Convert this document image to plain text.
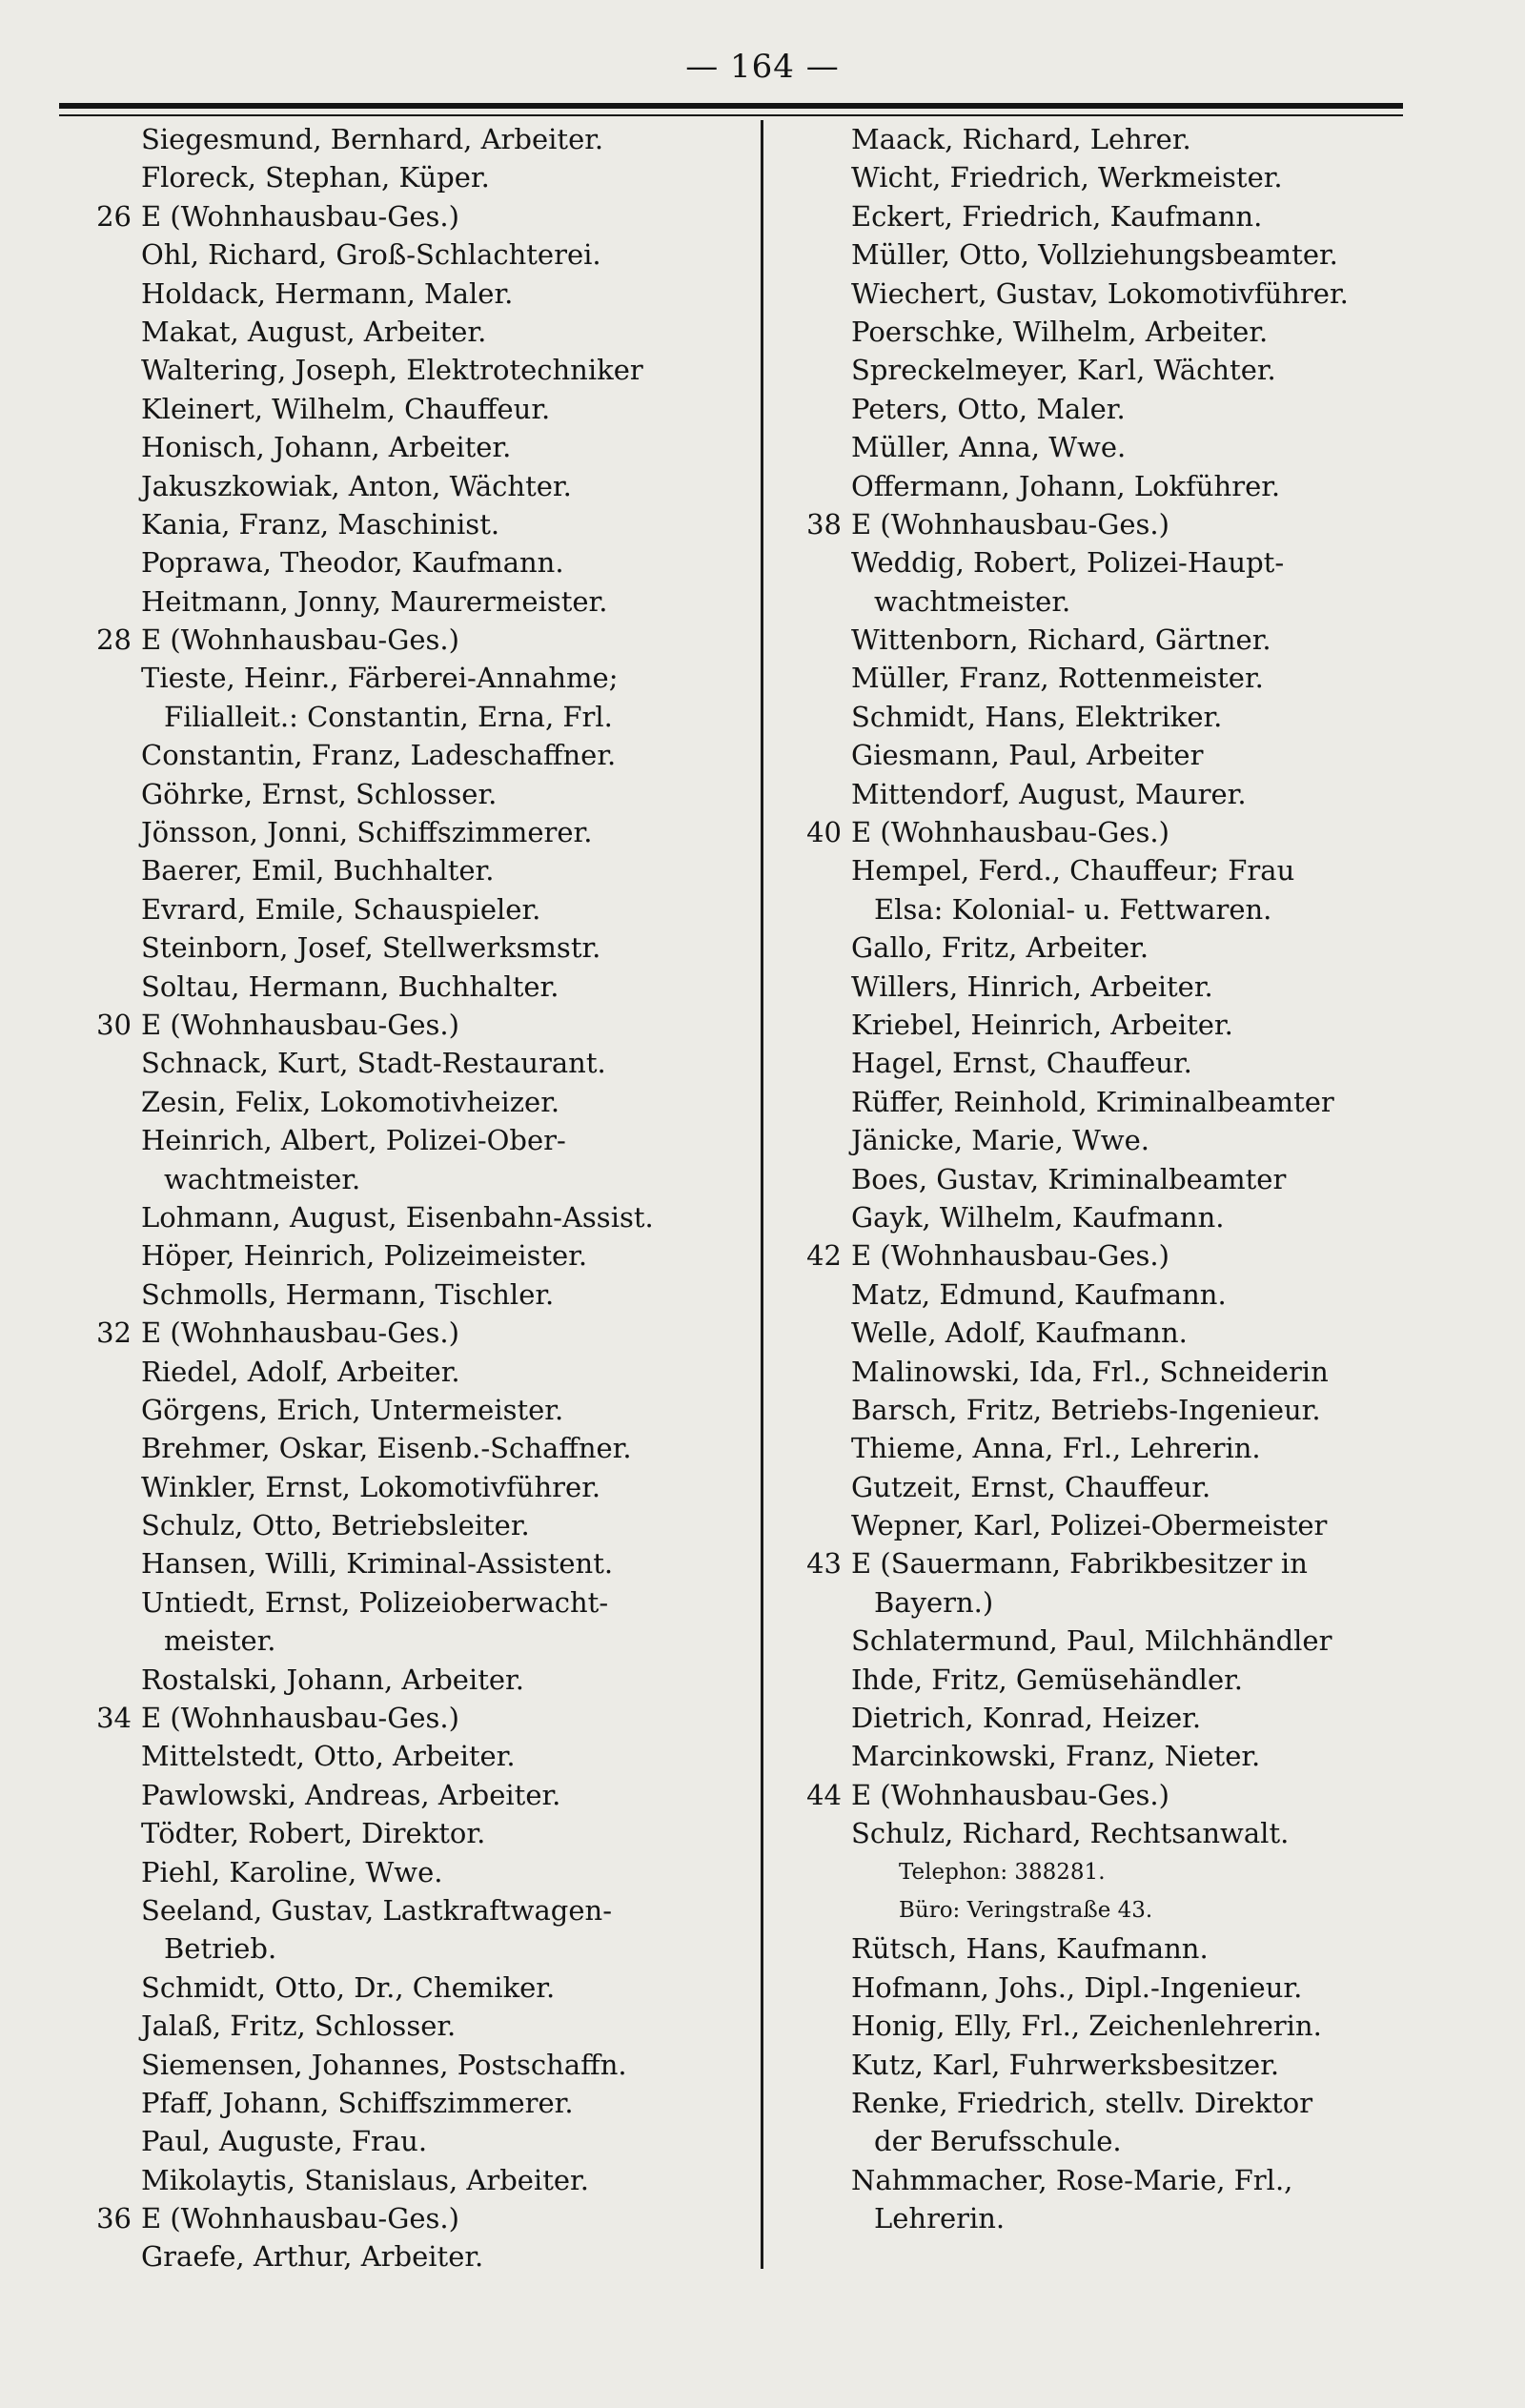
— 164 —
Siegesmund, Bernhard, Arbeiter.
Floreck, Stephan, Küper.
26 E (Wohnhausbau-Ges.)
Ohl, Richard, Groß-Schlachterei.
Holdack, Hermann, Maler.
Makat, August, Arbeiter.
Waltering, Joseph, Elektrotechniker
Kleinert, Wilhelm, Chauffeur.
Honisch, Johann, Arbeiter.
Jakuszkowiak, Anton, Wächter.
Kania, Franz, Maschinist.
Poprawa, Theodor, Kaufmann.
Heitmann, Jonny, Maurermeister.
28 E (Wohnhausbau-Ges.)
Tieste, Heinr., Färberei-Annahme;
Filialleit.: Constantin, Erna, Frl.
Constantin, Franz, Ladeschaffner.
Göhrke, Ernst, Schlosser.
Jönsson, Jonni, Schiffszimmerer.
Baerer, Emil, Buchhalter.
Evrard, Emile, Schauspieler.
Steinborn, Josef, Stellwerksmstr.
Soltau, Hermann, Buchhalter.
30 E (Wohnhausbau-Ges.)
Schnack, Kurt, Stadt-Restaurant.
Zesin, Felix, Lokomotivheizer.
Heinrich, Albert, Polizei-Ober-
wachtmeister.
Lohmann, August, Eisenbahn-Assist.
Höper, Heinrich, Polizeimeister.
Schmolls, Hermann, Tischler.
32 E (Wohnhausbau-Ges.)
Riedel, Adolf, Arbeiter.
Görgens, Erich, Untermeister.
Brehmer, Oskar, Eisenb.-Schaffner.
Winkler, Ernst, Lokomotivführer.
Schulz, Otto, Betriebsleiter.
Hansen, Willi, Kriminal-Assistent.
Untiedt, Ernst, Polizeioberwacht-
meister.
Rostalski, Johann, Arbeiter.
34 E (Wohnhausbau-Ges.)
Mittelstedt, Otto, Arbeiter.
Pawlowski, Andreas, Arbeiter.
Tödter, Robert, Direktor.
Piehl, Karoline, Wwe.
Seeland, Gustav, Lastkraftwagen-
Betrieb.
Schmidt, Otto, Dr., Chemiker.
Jalaß, Fritz, Schlosser.
Siemensen, Johannes, Postschaffn.
Pfaff, Johann, Schiffszimmerer.
Paul, Auguste, Frau.
Mikolaytis, Stanislaus, Arbeiter.
36 E (Wohnhausbau-Ges.)
Graefe, Arthur, Arbeiter.
Maack, Richard, Lehrer.
Wicht, Friedrich, Werkmeister.
Eckert, Friedrich, Kaufmann.
Müller, Otto, Vollziehungsbeamter.
Wiechert, Gustav, Lokomotivführer.
Poerschke, Wilhelm, Arbeiter.
Spreckelmeyer, Karl, Wächter.
Peters, Otto, Maler.
Müller, Anna, Wwe.
Offermann, Johann, Lokführer.
38 E (Wohnhausbau-Ges.)
Weddig, Robert, Polizei-Haupt-
wachtmeister.
Wittenborn, Richard, Gärtner.
Müller, Franz, Rottenmeister.
Schmidt, Hans, Elektriker.
Giesmann, Paul, Arbeiter
Mittendorf, August, Maurer.
40 E (Wohnhausbau-Ges.)
Hempel, Ferd., Chauffeur; Frau
Elsa: Kolonial- u. Fettwaren.
Gallo, Fritz, Arbeiter.
Willers, Hinrich, Arbeiter.
Kriebel, Heinrich, Arbeiter.
Hagel, Ernst, Chauffeur.
Rüffer, Reinhold, Kriminalbeamter
Jänicke, Marie, Wwe.
Boes, Gustav, Kriminalbeamter
Gayk, Wilhelm, Kaufmann.
42 E (Wohnhausbau-Ges.)
Matz, Edmund, Kaufmann.
Welle, Adolf, Kaufmann.
Malinowski, Ida, Frl., Schneiderin
Barsch, Fritz, Betriebs-Ingenieur.
Thieme, Anna, Frl., Lehrerin.
Gutzeit, Ernst, Chauffeur.
Wepner, Karl, Polizei-Obermeister
43 E (Sauermann, Fabrikbesitzer in
Bayern.)
Schlatermund, Paul, Milchhändler
Ihde, Fritz, Gemüsehändler.
Dietrich, Konrad, Heizer.
Marcinkowski, Franz, Nieter.
44 E (Wohnhausbau-Ges.)
Schulz, Richard, Rechtsanwalt.
Telephon: 388281.
Büro: Veringstraße 43.
Rütsch, Hans, Kaufmann.
Hofmann, Johs., Dipl.-Ingenieur.
Honig, Elly, Frl., Zeichenlehrerin.
Kutz, Karl, Fuhrwerksbesitzer.
Renke, Friedrich, stellv. Direktor
der Berufsschule.
Nahmmacher, Rose-Marie, Frl.,
Lehrerin.
